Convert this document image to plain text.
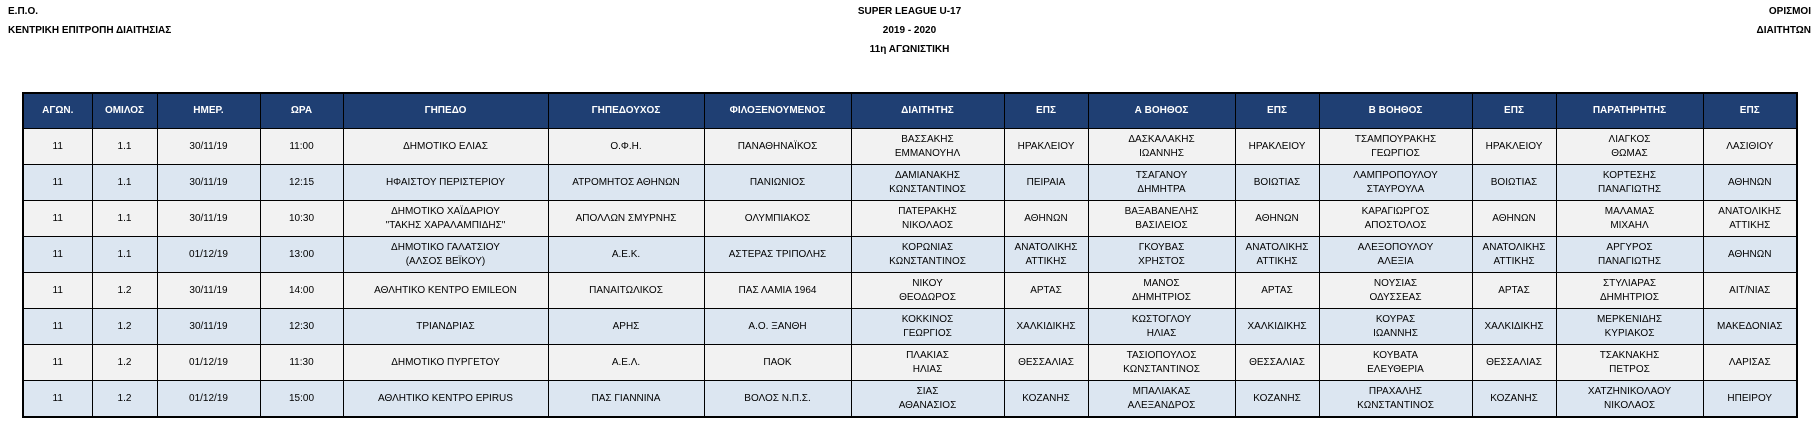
Ε.Π.Ο.
ΚΕΝΤΡΙΚΗ ΕΠΙΤΡΟΠΗ ΔΙΑΙΤΗΣΙΑΣ
SUPER LEAGUE U-17
2019 - 2020
11η ΑΓΩΝΙΣΤΙΚΗ
ΟΡΙΣΜΟΙ
ΔΙΑΙΤΗΤΩΝ
ΑΓΩΝ.	ΟΜΙΛΟΣ	ΗΜΕΡ.	ΩΡΑ	ΓΗΠΕΔΟ	ΓΗΠΕΔΟΥΧΟΣ	ΦΙΛΟΞΕΝΟΥΜΕΝΟΣ	ΔΙΑΙΤΗΤΗΣ	ΕΠΣ	Α ΒΟΗΘΟΣ	ΕΠΣ	Β ΒΟΗΘΟΣ	ΕΠΣ	ΠΑΡΑΤΗΡΗΤΗΣ	ΕΠΣ

11	1.1	30/11/19	11:00	ΔΗΜΟΤΙΚΟ ΕΛΙΑΣ	Ο.Φ.Η.	ΠΑΝΑΘΗΝΑΪΚΟΣ	ΒΑΣΣΑΚΗΣ
ΕΜΜΑΝΟΥΗΛ	ΗΡΑΚΛΕΙΟΥ	ΔΑΣΚΑΛΑΚΗΣ
ΙΩΑΝΝΗΣ	ΗΡΑΚΛΕΙΟΥ	ΤΣΑΜΠΟΥΡΑΚΗΣ
ΓΕΩΡΓΙΟΣ	ΗΡΑΚΛΕΙΟΥ	ΛΙΑΓΚΟΣ
ΘΩΜΑΣ	ΛΑΣΙΘΙΟΥ

11	1.1	30/11/19	12:15	ΗΦΑΙΣΤΟΥ ΠΕΡΙΣΤΕΡΙΟΥ	ΑΤΡΟΜΗΤΟΣ ΑΘΗΝΩΝ	ΠΑΝΙΩΝΙΟΣ	ΔΑΜΙΑΝΑΚΗΣ
ΚΩΝΣΤΑΝΤΙΝΟΣ	ΠΕΙΡΑΙΑ	ΤΣΑΓΑΝΟΥ
ΔΗΜΗΤΡΑ	ΒΟΙΩΤΙΑΣ	ΛΑΜΠΡΟΠΟΥΛΟΥ
ΣΤΑΥΡΟΥΛΑ	ΒΟΙΩΤΙΑΣ	ΚΟΡΤΕΣΗΣ
ΠΑΝΑΓΙΩΤΗΣ	ΑΘΗΝΩΝ

11	1.1	30/11/19	10:30	ΔΗΜΟΤΙΚΟ ΧΑΪΔΑΡΙΟΥ
"ΤΑΚΗΣ ΧΑΡΑΛΑΜΠΙΔΗΣ"	ΑΠΟΛΛΩΝ ΣΜΥΡΝΗΣ	ΟΛΥΜΠΙΑΚΟΣ	ΠΑΤΕΡΑΚΗΣ
ΝΙΚΟΛΑΟΣ	ΑΘΗΝΩΝ	ΒΑΞΑΒΑΝΕΛΗΣ
ΒΑΣΙΛΕΙΟΣ	ΑΘΗΝΩΝ	ΚΑΡΑΓΙΩΡΓΟΣ
ΑΠΟΣΤΟΛΟΣ	ΑΘΗΝΩΝ	ΜΑΛΑΜΑΣ
ΜΙΧΑΗΛ	ΑΝΑΤΟΛΙΚΗΣ
ΑΤΤΙΚΗΣ

11	1.1	01/12/19	13:00	ΔΗΜΟΤΙΚΟ ΓΑΛΑΤΣΙΟΥ
(ΑΛΣΟΣ ΒΕΪΚΟΥ)	Α.Ε.Κ.	ΑΣΤΕΡΑΣ ΤΡΙΠΟΛΗΣ	ΚΟΡΩΝΙΑΣ
ΚΩΝΣΤΑΝΤΙΝΟΣ	ΑΝΑΤΟΛΙΚΗΣ
ΑΤΤΙΚΗΣ	ΓΚΟΥΒΑΣ
ΧΡΗΣΤΟΣ	ΑΝΑΤΟΛΙΚΗΣ
ΑΤΤΙΚΗΣ	ΑΛΕΞΟΠΟΥΛΟΥ
ΑΛΕΞΙΑ	ΑΝΑΤΟΛΙΚΗΣ
ΑΤΤΙΚΗΣ	ΑΡΓΥΡΟΣ
ΠΑΝΑΓΙΩΤΗΣ	ΑΘΗΝΩΝ

11	1.2	30/11/19	14:00	ΑΘΛΗΤΙΚΟ ΚΕΝΤΡΟ EMILEON	ΠΑΝΑΙΤΩΛΙΚΟΣ	ΠΑΣ ΛΑΜΙΑ 1964	ΝΙΚΟΥ
ΘΕΟΔΩΡΟΣ	ΑΡΤΑΣ	ΜΑΝΟΣ
ΔΗΜΗΤΡΙΟΣ	ΑΡΤΑΣ	ΝΟΥΣΙΑΣ
ΟΔΥΣΣΕΑΣ	ΑΡΤΑΣ	ΣΤΥΛΙΑΡΑΣ
ΔΗΜΗΤΡΙΟΣ	ΑΙΤ/ΝΙΑΣ

11	1.2	30/11/19	12:30	ΤΡΙΑΝΔΡΙΑΣ	ΑΡΗΣ	Α.Ο. ΞΑΝΘΗ	ΚΟΚΚΙΝΟΣ
ΓΕΩΡΓΙΟΣ	ΧΑΛΚΙΔΙΚΗΣ	ΚΩΣΤΟΓΛΟΥ
ΗΛΙΑΣ	ΧΑΛΚΙΔΙΚΗΣ	ΚΟΥΡΑΣ
ΙΩΑΝΝΗΣ	ΧΑΛΚΙΔΙΚΗΣ	ΜΕΡΚΕΝΙΔΗΣ
ΚΥΡΙΑΚΟΣ	ΜΑΚΕΔΟΝΙΑΣ

11	1.2	01/12/19	11:30	ΔΗΜΟΤΙΚΟ ΠΥΡΓΕΤΟΥ	Α.Ε.Λ.	ΠΑΟΚ	ΠΛΑΚΙΑΣ
ΗΛΙΑΣ	ΘΕΣΣΑΛΙΑΣ	ΤΑΣΙΟΠΟΥΛΟΣ
ΚΩΝΣΤΑΝΤΙΝΟΣ	ΘΕΣΣΑΛΙΑΣ	ΚΟΥΒΑΤΑ
ΕΛΕΥΘΕΡΙΑ	ΘΕΣΣΑΛΙΑΣ	ΤΣΑΚΝΑΚΗΣ
ΠΕΤΡΟΣ	ΛΑΡΙΣΑΣ

11	1.2	01/12/19	15:00	ΑΘΛΗΤΙΚΟ ΚΕΝΤΡΟ EPIRUS	ΠΑΣ ΓΙΑΝΝΙΝΑ	ΒΟΛΟΣ Ν.Π.Σ.	ΣΙΑΣ
ΑΘΑΝΑΣΙΟΣ	ΚΟΖΑΝΗΣ	ΜΠΑΛΙΑΚΑΣ
ΑΛΕΞΑΝΔΡΟΣ	ΚΟΖΑΝΗΣ	ΠΡΑΧΑΛΗΣ
ΚΩΝΣΤΑΝΤΙΝΟΣ	ΚΟΖΑΝΗΣ	ΧΑΤΖΗΝΙΚΟΛΑΟΥ
ΝΙΚΟΛΑΟΣ	ΗΠΕΙΡΟΥ
